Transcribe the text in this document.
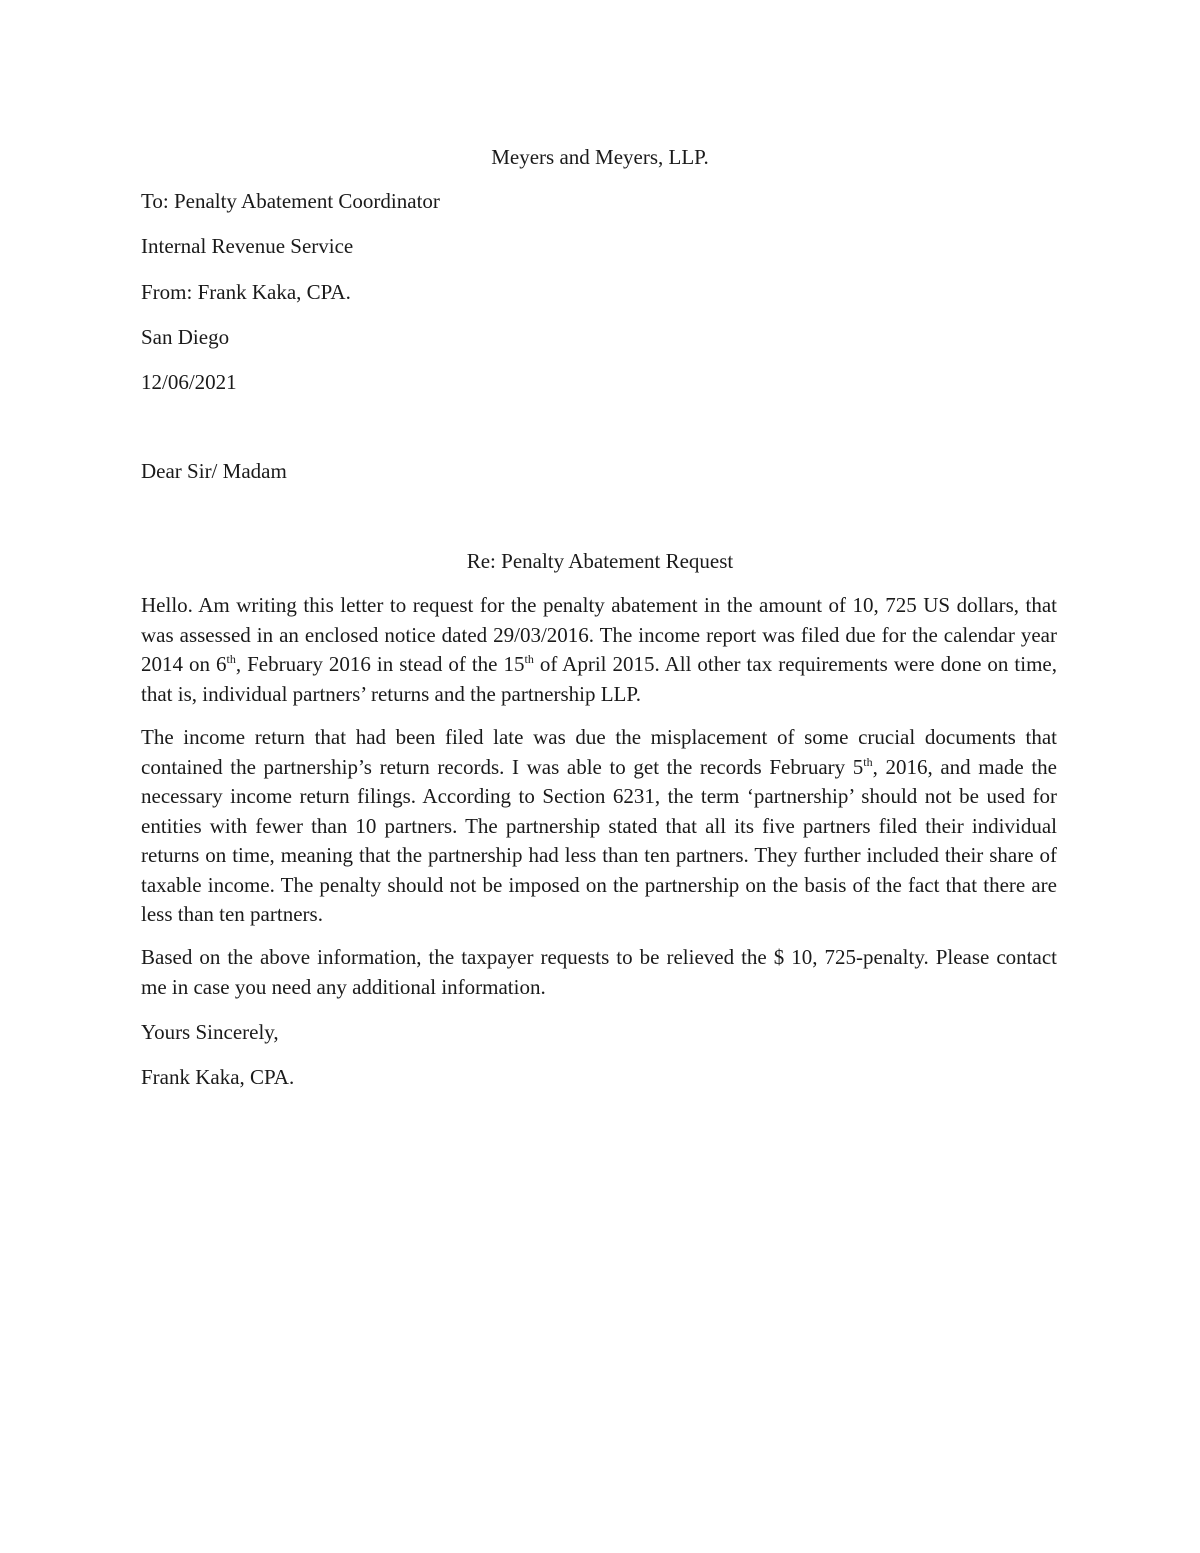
Meyers and Meyers, LLP.
To: Penalty Abatement Coordinator
Internal Revenue Service
From: Frank Kaka, CPA.
San Diego
12/06/2021
Dear Sir/ Madam
Re: Penalty Abatement Request
Hello. Am writing this letter to request for the penalty abatement in the amount of 10, 725 US dollars, that was assessed in an enclosed notice dated 29/03/2016. The income report was filed due for the calendar year 2014 on 6th, February 2016 in stead of the 15th of April 2015. All other tax requirements were done on time, that is, individual partners’ returns and the partnership LLP.
The income return that had been filed late was due the misplacement of some crucial documents that contained the partnership’s return records. I was able to get the records February 5th, 2016, and made the necessary income return filings. According to Section 6231, the term ‘partnership’ should not be used for entities with fewer than 10 partners. The partnership stated that all its five partners filed their individual returns on time, meaning that the partnership had less than ten partners. They further included their share of taxable income. The penalty should not be imposed on the partnership on the basis of the fact that there are less than ten partners.
Based on the above information, the taxpayer requests to be relieved the $ 10, 725-penalty. Please contact me in case you need any additional information.
Yours Sincerely,
Frank Kaka, CPA.
